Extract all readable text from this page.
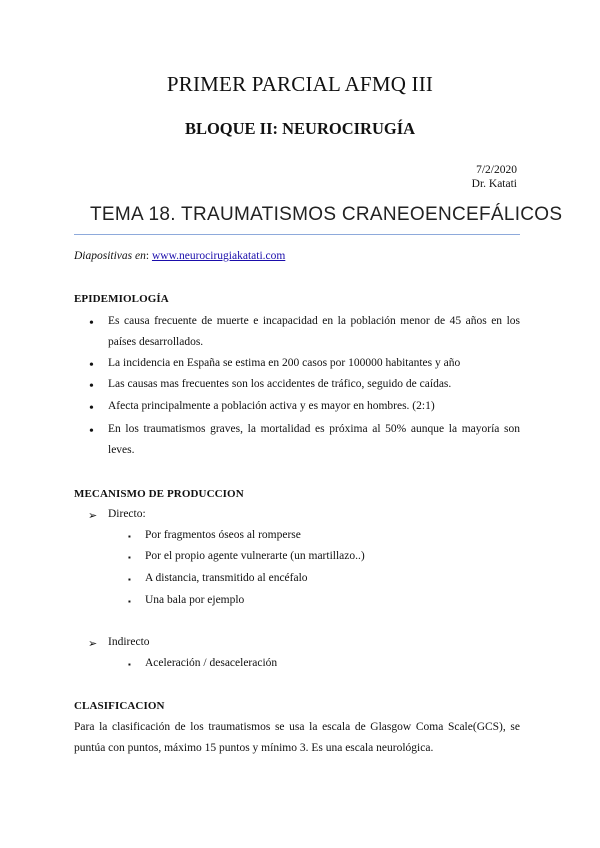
PRIMER PARCIAL AFMQ III
BLOQUE II: NEUROCIRUGÍA
7/2/2020
Dr. Katati
TEMA 18. TRAUMATISMOS CRANEOENCEFÁLICOS
Diapositivas en: www.neurocirugiakatati.com
EPIDEMIOLOGÍA
• Es causa frecuente de muerte e incapacidad en la población menor de 45 años en los países desarrollados.
• La incidencia en España se estima en 200 casos por 100000 habitantes y año
• Las causas mas frecuentes son los accidentes de tráfico, seguido de caídas.
• Afecta principalmente a población activa y es mayor en hombres. (2:1)
• En los traumatismos graves, la mortalidad es próxima al 50% aunque la mayoría son leves.
MECANISMO DE PRODUCCION
➢ Directo:
▪ Por fragmentos óseos al romperse
▪ Por el propio agente vulnerarte (un martillazo..)
▪ A distancia, transmitido al encéfalo
▪ Una bala por ejemplo
➢ Indirecto
▪ Aceleración / desaceleración
CLASIFICACION
Para la clasificación de los traumatismos se usa la escala de Glasgow Coma Scale(GCS), se puntúa con puntos, máximo 15 puntos y mínimo 3. Es una escala neurológica.
